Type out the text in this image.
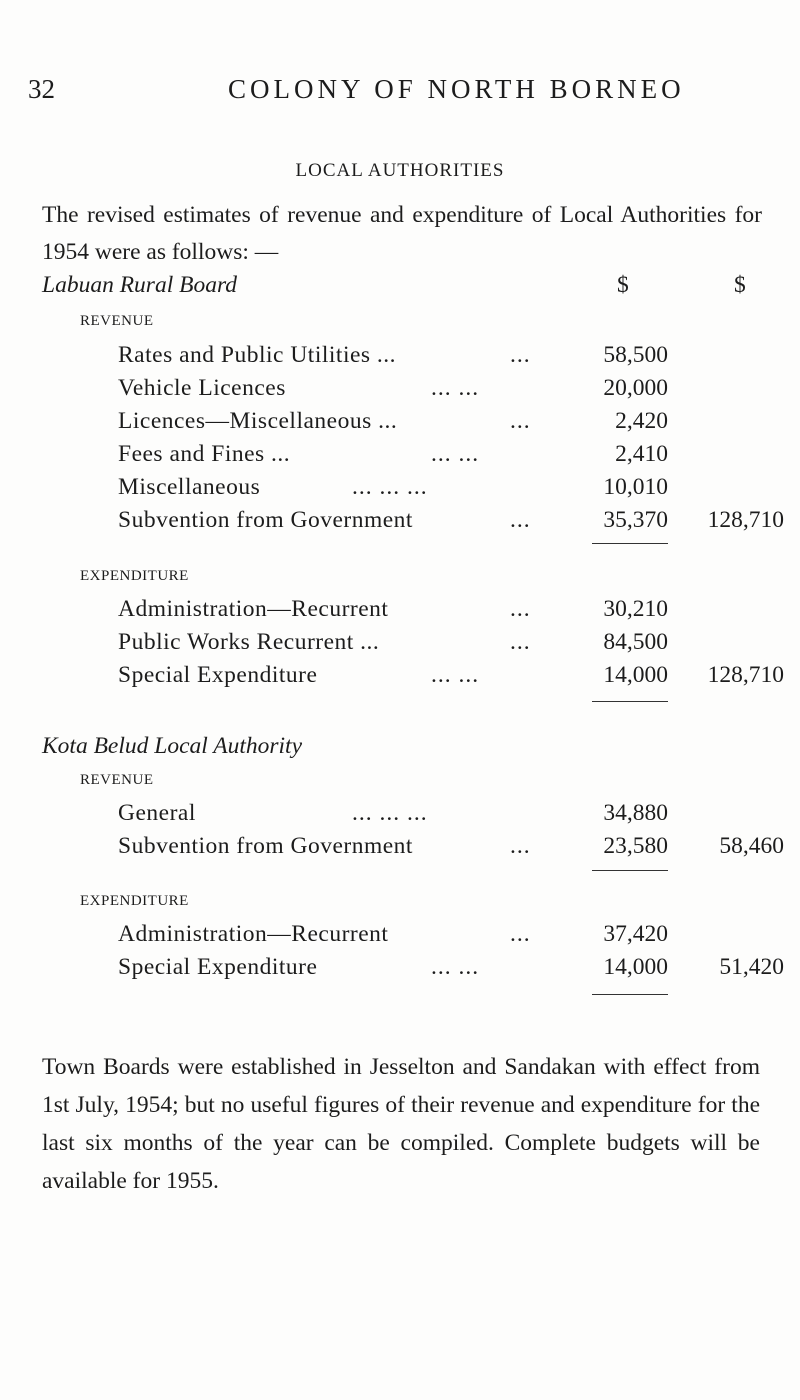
32	COLONY OF NORTH BORNEO
LOCAL AUTHORITIES
The revised estimates of revenue and expenditure of Local Authorities for 1954 were as follows: —
Labuan Rural Board	$	$
REVENUE
Rates and Public Utilities ...	...	58,500
Vehicle Licences	... ...	20,000
Licences—Miscellaneous ...	...	2,420
Fees and Fines ...	... ...	2,410
Miscellaneous	... ... ...	10,010
Subvention from Government	...	35,370	128,710
EXPENDITURE
Administration—Recurrent	...	30,210
Public Works Recurrent ...	...	84,500
Special Expenditure	... ...	14,000	128,710
Kota Belud Local Authority
REVENUE
General	... ... ...	34,880
Subvention from Government	...	23,580	58,460
EXPENDITURE
Administration—Recurrent	...	37,420
Special Expenditure	... ...	14,000	51,420
Town Boards were established in Jesselton and Sandakan with effect from 1st July, 1954; but no useful figures of their revenue and expenditure for the last six months of the year can be compiled. Complete budgets will be available for 1955.
